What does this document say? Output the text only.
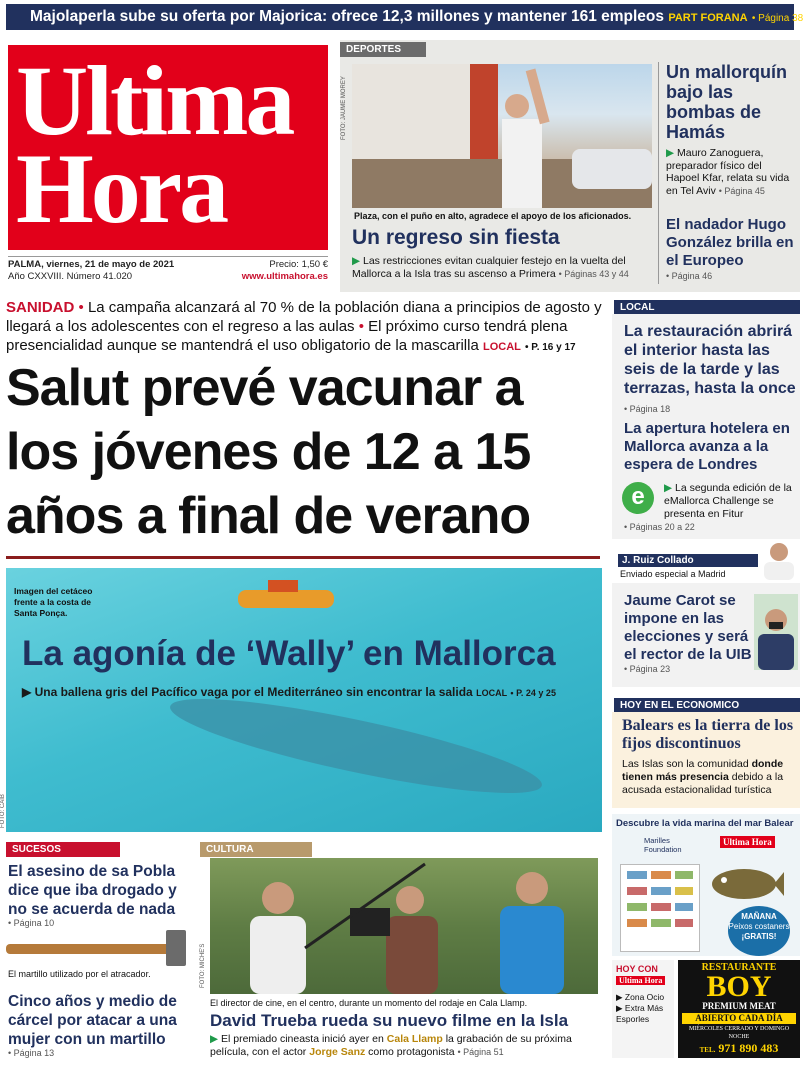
Majolaperla sube su oferta por Majorica: ofrece 12,3 millones y mantener 161 empleos PART FORANA • Página 38
Ultima
Hora
PALMA, viernes, 21 de mayo de 2021	Precio: 1,50 €
Año CXXVIII. Número 41.020	www.ultimahora.es
DEPORTES
FOTO: JAUME MOREY
Plaza, con el puño en alto, agradece el apoyo de los aficionados.
Un regreso sin fiesta
▶ Las restricciones evitan cualquier festejo en la vuelta del Mallorca a la Isla tras su ascenso a Primera • Páginas 43 y 44
Un mallorquín bajo las bombas de Hamás
▶ Mauro Zanoguera, preparador físico del Hapoel Kfar, relata su vida en Tel Aviv • Página 45
El nadador Hugo González brilla en el Europeo
• Página 46
SANIDAD • La campaña alcanzará al 70 % de la población diana a principios de agosto y llegará a los adolescentes con el regreso a las aulas • El próximo curso tendrá plena presencialidad aunque se mantendrá el uso obligatorio de la mascarilla LOCAL • P. 16 y 17
Salut prevé vacunar a
los jóvenes de 12 a 15
años a final de verano
Imagen del cetáceo frente a la costa de Santa Ponça.
La agonía de ‘Wally’ en Mallorca
▶ Una ballena gris del Pacífico vaga por el Mediterráneo sin encontrar la salida LOCAL • P. 24 y 25
FOTO: CAIB
LOCAL
La restauración abrirá el interior hasta las seis de la tarde y las terrazas, hasta la once
• Página 18
La apertura hotelera en Mallorca avanza a la espera de Londres
e	▶ La segunda edición de la eMallorca Challenge se presenta en Fitur
• Páginas 20 a 22
J. Ruiz Collado
Enviado especial a Madrid
Jaume Carot se impone en las elecciones y será el rector de la UIB
• Página 23
HOY EN EL ECONOMICO
Balears es la tierra de los fijos discontinuos
Las Islas son la comunidad donde tienen más presencia debido a la acusada estacionalidad turística
Descubre la vida marina del mar Balear
Marilles Foundation
Ultima Hora
MAÑANA
Peixos costaners
¡GRATIS!
SUCESOS
El asesino de sa Pobla dice que iba drogado y no se acuerda de nada
• Página 10
El martillo utilizado por el atracador.
Cinco años y medio de cárcel por atacar a una mujer con un martillo
• Página 13
CULTURA
FOTO: MICHE'S
El director de cine, en el centro, durante un momento del rodaje en Cala Llamp.
David Trueba rueda su nuevo filme en la Isla
▶ El premiado cineasta inició ayer en Cala Llamp la grabación de su próxima película, con el actor Jorge Sanz como protagonista • Página 51
HOY CON
Ultima Hora
▶ Zona Ocio
▶ Extra Más Esporles
RESTAURANTE
BOY
PREMIUM MEAT
ABIERTO CADA DÍA
MIÉRCOLES CERRADO Y DOMINGO NOCHE
TEL. 971 890 483
restauranteboy.com
